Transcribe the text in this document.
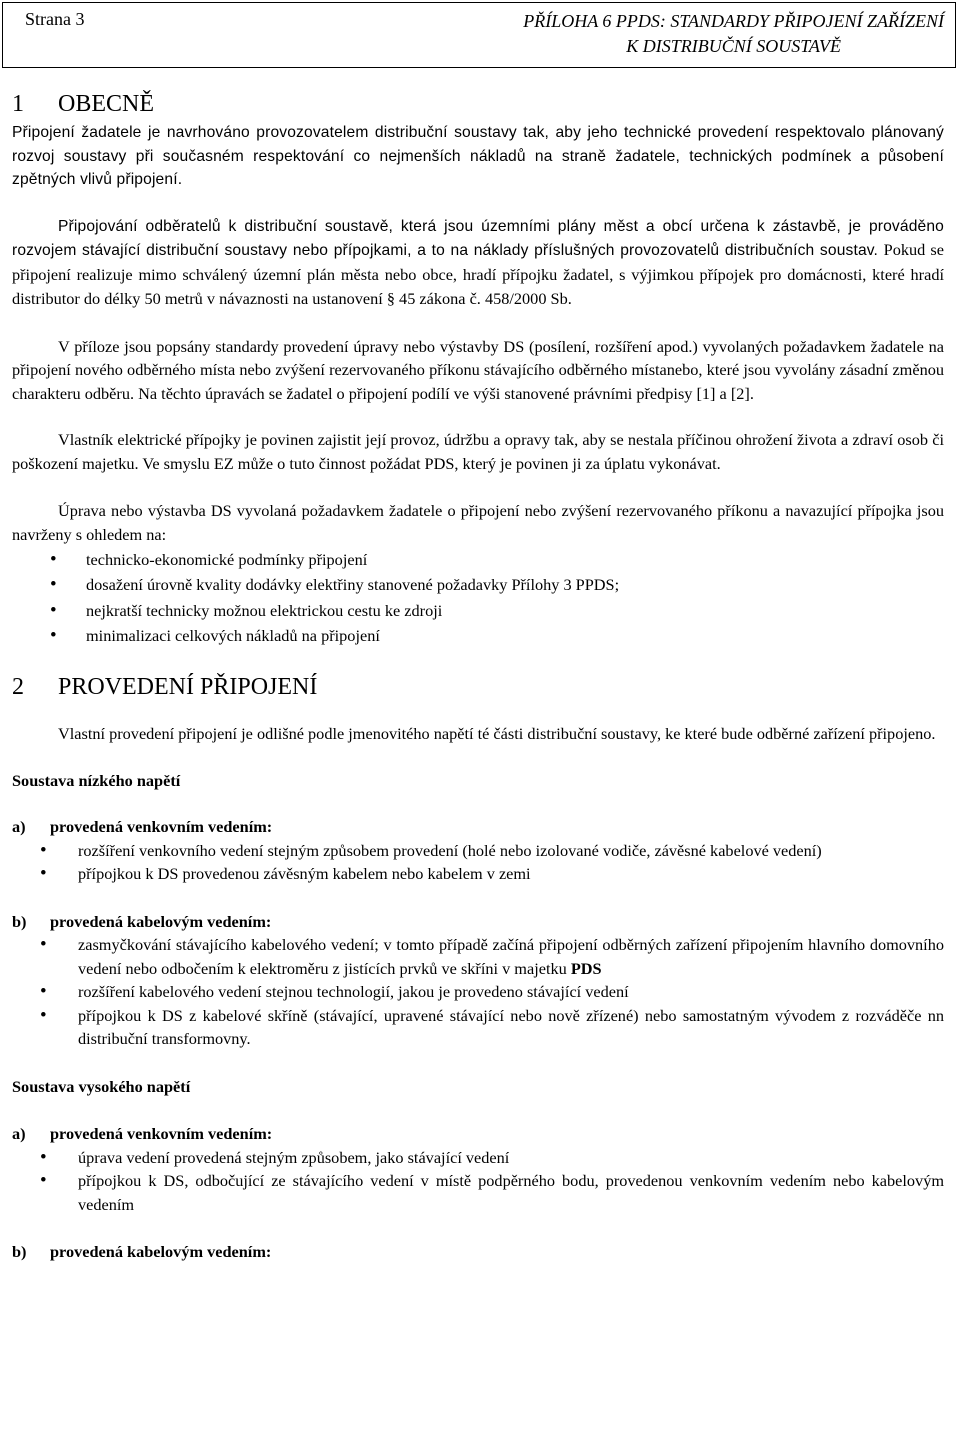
Strana 3	PŘÍLOHA 6 PPDS: STANDARDY PŘIPOJENÍ ZAŘÍZENÍ
K DISTRIBUČNÍ SOUSTAVĚ
1 OBECNĚ

Připojení žadatele je navrhováno provozovatelem distribuční soustavy tak, aby jeho technické provedení respektovalo plánovaný rozvoj soustavy při současném respektování co nejmenších nákladů na straně žadatele, technických podmínek a působení zpětných vlivů připojení.

Připojování odběratelů k distribuční soustavě, která jsou územními plány měst a obcí určena k zástavbě, je prováděno rozvojem stávající distribuční soustavy nebo přípojkami, a to na náklady příslušných provozovatelů distribučních soustav. Pokud se připojení realizuje mimo schválený územní plán města nebo obce, hradí přípojku žadatel, s výjimkou přípojek pro domácnosti, které hradí distributor do délky 50 metrů v návaznosti na ustanovení § 45 zákona č. 458/2000 Sb.

V příloze jsou popsány standardy provedení úpravy nebo výstavby DS (posílení, rozšíření apod.) vyvolaných požadavkem žadatele na připojení nového odběrného místa nebo zvýšení rezervovaného příkonu stávajícího odběrného místanebo, které jsou vyvolány zásadní změnou charakteru odběru. Na těchto úpravách se žadatel o připojení podílí ve výši stanovené právními předpisy [1] a [2].

Vlastník elektrické přípojky je povinen zajistit její provoz, údržbu a opravy tak, aby se nestala příčinou ohrožení života a zdraví osob či poškození majetku. Ve smyslu EZ může o tuto činnost požádat PDS, který je povinen ji za úplatu vykonávat.

Úprava nebo výstavba DS vyvolaná požadavkem žadatele o připojení nebo zvýšení rezervovaného příkonu a navazující přípojka jsou navrženy s ohledem na:

• technicko-ekonomické podmínky připojení
• dosažení úrovně kvality dodávky elektřiny stanovené požadavky Přílohy 3 PPDS;
• nejkratší technicky možnou elektrickou cestu ke zdroji
• minimalizaci celkových nákladů na připojení
2 PROVEDENÍ PŘIPOJENÍ

Vlastní provedení připojení je odlišné podle jmenovitého napětí té části distribuční soustavy, ke které bude odběrné zařízení připojeno.

Soustava nízkého napětí

a) provedená venkovním vedením:
• rozšíření venkovního vedení stejným způsobem provedení (holé nebo izolované vodiče, závěsné kabelové vedení)
• přípojkou k DS provedenou závěsným kabelem nebo kabelem v zemi
b) provedená kabelovým vedením:
• zasmyčkování stávajícího kabelového vedení; v tomto případě začíná připojení odběrných zařízení připojením hlavního domovního vedení nebo odbočením k elektroměru z jistících prvků ve skříni v majetku PDS
• rozšíření kabelového vedení stejnou technologií, jakou je provedeno stávající vedení
• přípojkou k DS z kabelové skříně (stávající, upravené stávající nebo nově zřízené) nebo samostatným vývodem z rozváděče nn distribuční transformovny.

Soustava vysokého napětí

a) provedená venkovním vedením:
• úprava vedení provedená stejným způsobem, jako stávající vedení
• přípojkou k DS, odbočující ze stávajícího vedení v místě podpěrného bodu, provedenou venkovním vedením nebo kabelovým vedením
b) provedená kabelovým vedením:
